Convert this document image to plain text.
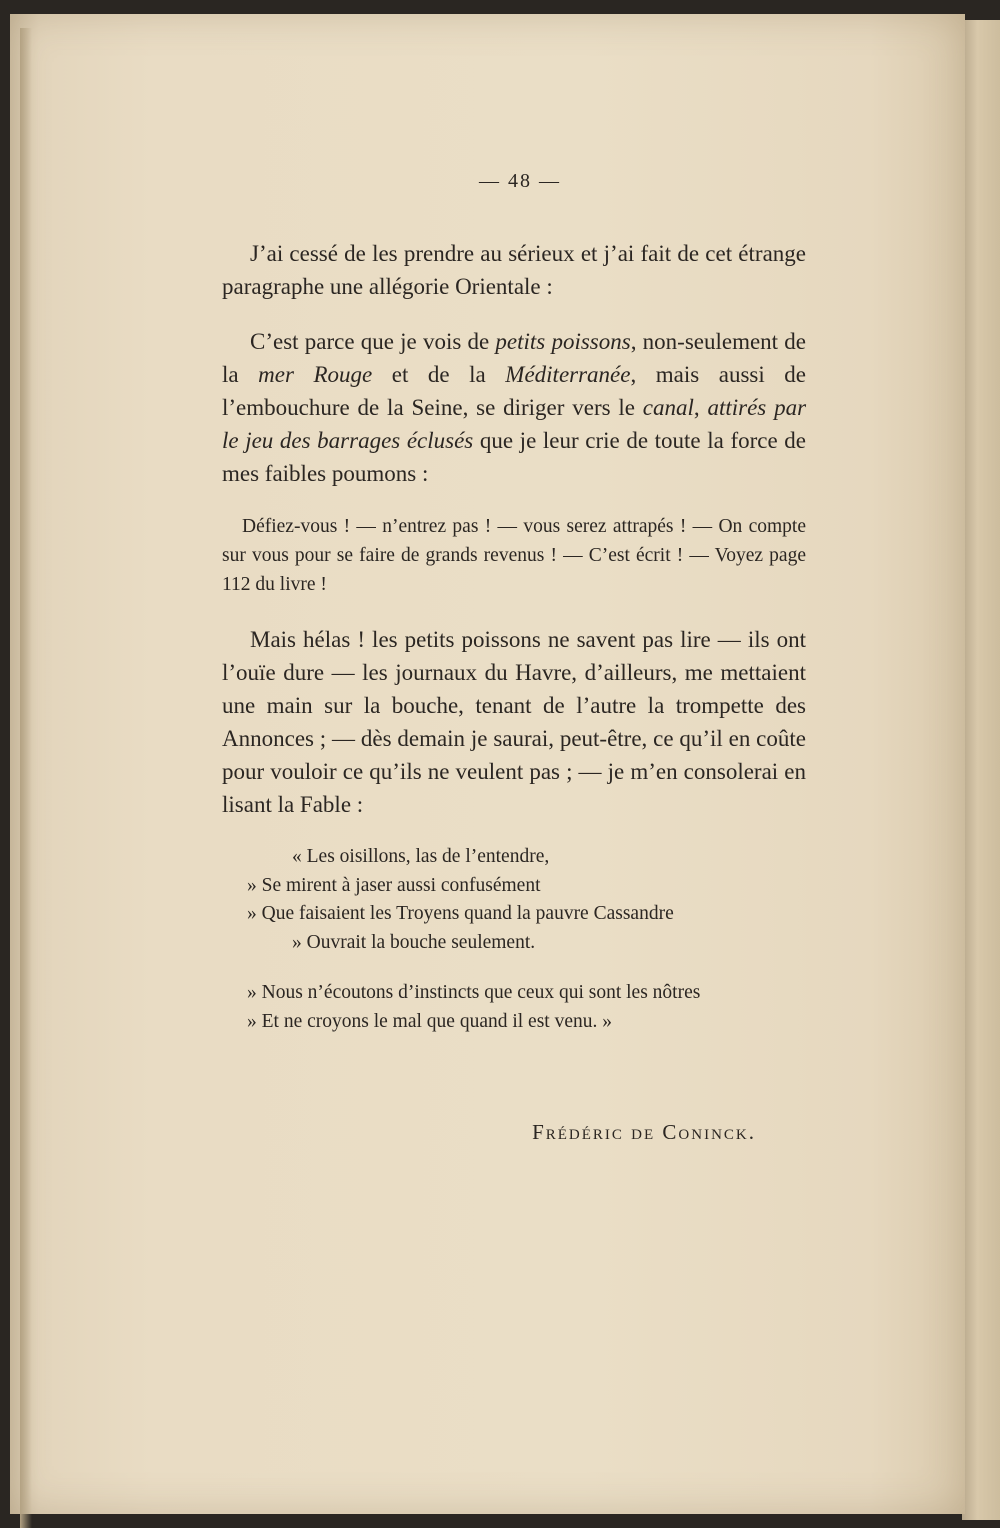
— 48 —

J’ai cessé de les prendre au sérieux et j’ai fait de cet étrange paragraphe une allégorie Orientale :

C’est parce que je vois de petits poissons, non-seulement de la mer Rouge et de la Méditerranée, mais aussi de l’embouchure de la Seine, se diriger vers le canal, attirés par le jeu des barrages éclusés que je leur crie de toute la force de mes faibles poumons :

Défiez-vous ! — n’entrez pas ! — vous serez attrapés ! — On compte sur vous pour se faire de grands revenus ! — C’est écrit ! — Voyez page 112 du livre !

Mais hélas ! les petits poissons ne savent pas lire — ils ont l’ouïe dure — les journaux du Havre, d’ailleurs, me mettaient une main sur la bouche, tenant de l’autre la trompette des Annonces ; — dès demain je saurai, peut-être, ce qu’il en coûte pour vouloir ce qu’ils ne veulent pas ; — je m’en consolerai en lisant la Fable :

« Les oisillons, las de l’entendre,
» Se mirent à jaser aussi confusément
» Que faisaient les Troyens quand la pauvre Cassandre
» Ouvrait la bouche seulement.
» Nous n’écoutons d’instincts que ceux qui sont les nôtres
» Et ne croyons le mal que quand il est venu. »
Frédéric de Coninck.
